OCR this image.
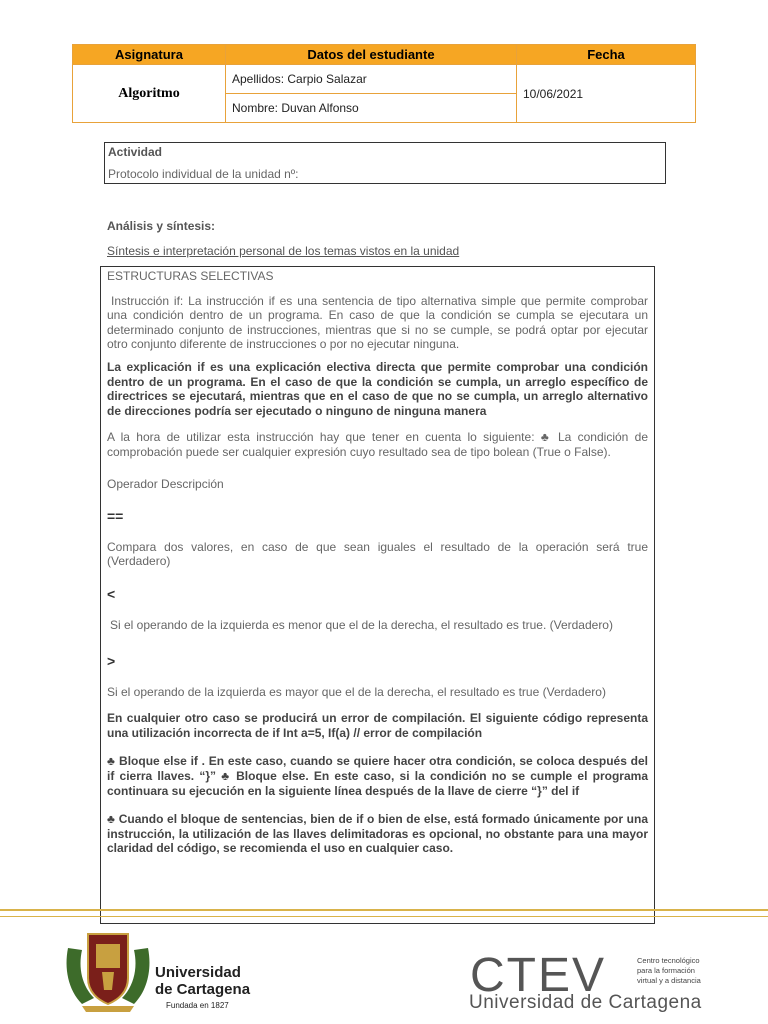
Asignatura	Datos del estudiante	Fecha
Algoritmo	Apellidos: Carpio Salazar	10/06/2021
	Nombre: Duvan Alfonso	
Actividad
Protocolo individual de la unidad nº:
Análisis y síntesis:
Síntesis e interpretación personal de los temas vistos en la unidad

ESTRUCTURAS SELECTIVAS

Instrucción if: La instrucción if es una sentencia de tipo alternativa simple que permite comprobar una condición dentro de un programa. En caso de que la condición se cumpla se ejecutara un determinado conjunto de instrucciones, mientras que si no se cumple, se podrá optar por ejecutar otro conjunto diferente de instrucciones o por no ejecutar ninguna.

La explicación if es una explicación electiva directa que permite comprobar una condición dentro de un programa. En el caso de que la condición se cumpla, un arreglo específico de directrices se ejecutará, mientras que en el caso de que no se cumpla, un arreglo alternativo de direcciones podría ser ejecutado o ninguno de ninguna manera

A la hora de utilizar esta instrucción hay que tener en cuenta lo siguiente: ♣ La condición de comprobación puede ser cualquier expresión cuyo resultado sea de tipo bolean (True o False).

Operador Descripción

==

Compara dos valores, en caso de que sean iguales el resultado de la operación será true (Verdadero)

<

Si el operando de la izquierda es menor que el de la derecha, el resultado es true. (Verdadero)

>

Si el operando de la izquierda es mayor que el de la derecha, el resultado es true (Verdadero)

En cualquier otro caso se producirá un error de compilación. El siguiente código representa una utilización incorrecta de if Int a=5, If(a) // error de compilación

♣ Bloque else if . En este caso, cuando se quiere hacer otra condición, se coloca después del if cierra llaves. “}” ♣ Bloque else. En este caso, si la condición no se cumple el programa continuara su ejecución en la siguiente línea después de la llave de cierre “}” del if

♣ Cuando el bloque de sentencias, bien de if o bien de else, está formado únicamente por una instrucción, la utilización de las llaves delimitadoras es opcional, no obstante para una mayor claridad del código, se recomienda el uso en cualquier caso.

Universidad
de Cartagena
Fundada en 1827
CTEV	Centro tecnológico
para la formación
virtual y a distancia
Universidad de Cartagena
